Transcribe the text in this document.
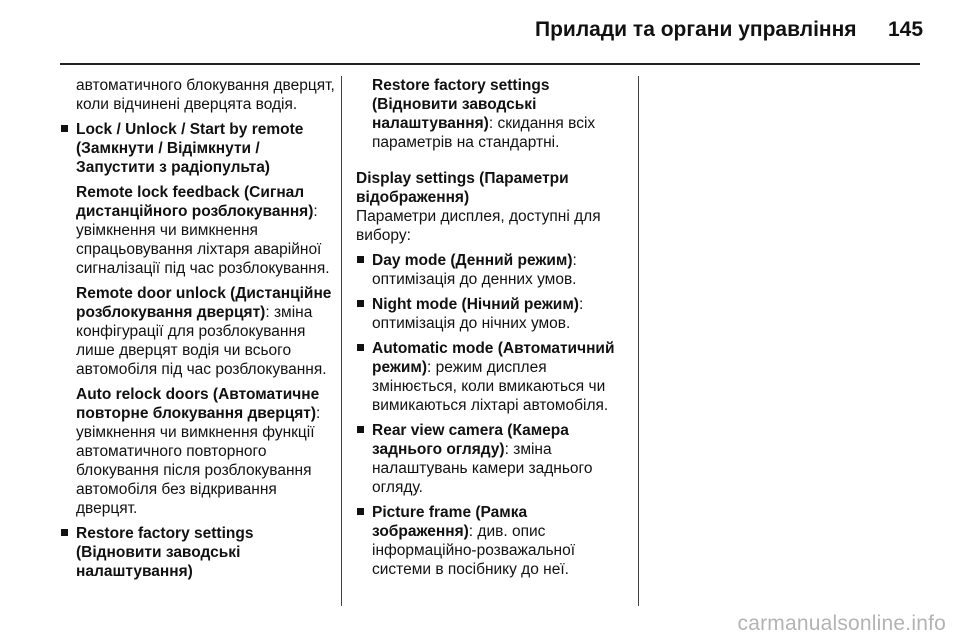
Прилади та органи управління 145

автоматичного блокування дверцят, коли відчинені дверцята водія.

Lock / Unlock / Start by remote (Замкнути / Відімкнути / Запустити з радіопульта)

Remote lock feedback (Сигнал дистанційного розблокування): увімкнення чи вимкнення спрацьовування ліхтаря аварійної сигналізації під час розблокування.

Remote door unlock (Дистанційне розблокування дверцят): зміна конфігурації для розблокування лише дверцят водія чи всього автомобіля під час розблокування.

Auto relock doors (Автоматичне повторне блокування дверцят): увімкнення чи вимкнення функції автоматичного повторного блокування після розблокування автомобіля без відкривання дверцят.

Restore factory settings (Відновити заводські налаштування)

Restore factory settings (Відновити заводські налаштування): скидання всіх параметрів на стандартні.

Display settings (Параметри відображення)

Параметри дисплея, доступні для вибору:

Day mode (Денний режим): оптимізація до денних умов.

Night mode (Нічний режим): оптимізація до нічних умов.

Automatic mode (Автоматичний режим): режим дисплея змінюється, коли вмикаються чи вимикаються ліхтарі автомобіля.

Rear view camera (Камера заднього огляду): зміна налаштувань камери заднього огляду.

Picture frame (Рамка зображення): див. опис інформаційно-розважальної системи в посібнику до неї.

carmanualsonline.info
